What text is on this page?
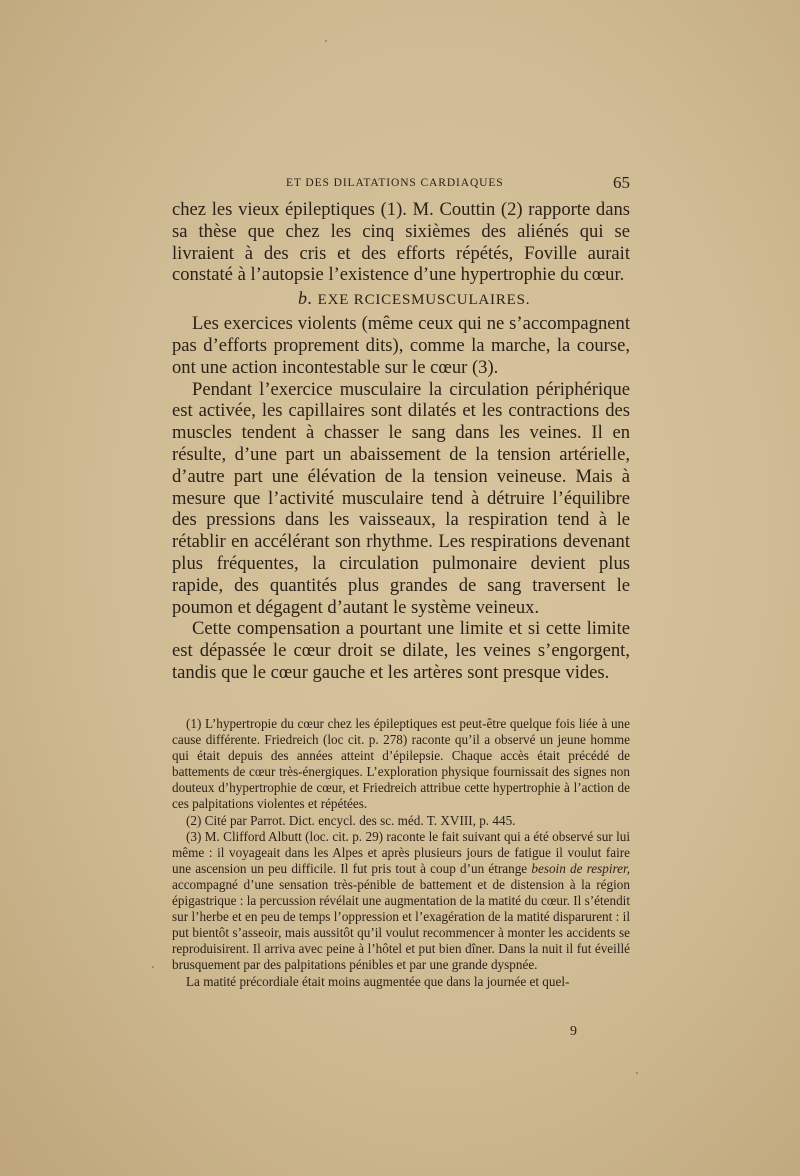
ET DES DILATATIONS CARDIAQUES	65

chez les vieux épileptiques (1). M. Couttin (2) rapporte dans sa thèse que chez les cinq sixièmes des aliénés qui se livraient à des cris et des efforts répétés, Foville aurait constaté à l’autopsie l’existence d’une hypertrophie du cœur.

b. EXE RCICESMUSCULAIRES.

Les exercices violents (même ceux qui ne s’accompagnent pas d’efforts proprement dits), comme la marche, la course, ont une action incontestable sur le cœur (3).

Pendant l’exercice musculaire la circulation périphérique est activée, les capillaires sont dilatés et les contractions des muscles tendent à chasser le sang dans les veines. Il en résulte, d’une part un abaissement de la tension artérielle, d’autre part une élévation de la tension veineuse. Mais à mesure que l’activité musculaire tend à détruire l’équilibre des pressions dans les vaisseaux, la respiration tend à le rétablir en accélérant son rhythme. Les respirations devenant plus fréquentes, la circulation pulmonaire devient plus rapide, des quantités plus grandes de sang traversent le poumon et dégagent d’autant le système veineux.

Cette compensation a pourtant une limite et si cette limite est dépassée le cœur droit se dilate, les veines s’engorgent, tandis que le cœur gauche et les artères sont presque vides.

(1) L’hypertropie du cœur chez les épileptiques est peut-être quelque fois liée à une cause différente. Friedreich (loc cit. p. 278) raconte qu’il a observé un jeune homme qui était depuis des années atteint d’épilepsie. Chaque accès était précédé de battements de cœur très-énergiques. L’exploration physique fournissait des signes non douteux d’hypertrophie de cœur, et Friedreich attribue cette hypertrophie à l’action de ces palpitations violentes et répétées.

(2) Cité par Parrot. Dict. encycl. des sc. méd. T. XVIII, p. 445.

(3) M. Clifford Albutt (loc. cit. p. 29) raconte le fait suivant qui a été observé sur lui même : il voyageait dans les Alpes et après plusieurs jours de fatigue il voulut faire une ascension un peu difficile. Il fut pris tout à coup d’un étrange besoin de respirer, accompagné d’une sensation très-pénible de battement et de distension à la région épigastrique : la percussion révélait une augmentation de la matité du cœur. Il s’étendit sur l’herbe et en peu de temps l’oppression et l’exagération de la matité disparurent : il put bientôt s’asseoir, mais aussitôt qu’il voulut recommencer à monter les accidents se reproduisirent. Il arriva avec peine à l’hôtel et put bien dîner. Dans la nuit il fut éveillé brusquement par des palpitations pénibles et par une grande dyspnée.

La matité précordiale était moins augmentée que dans la journée et quel-

9
